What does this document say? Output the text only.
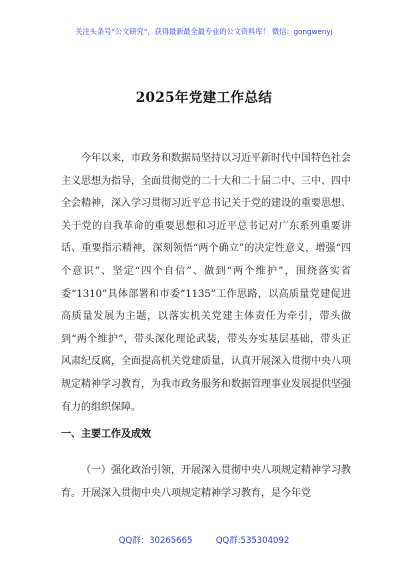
关注头条号“公文研究”，获得最新最全最专业的公文资料库！ 微信：gongwenyj
2025年党建工作总结
今年以来，市政务和数据局坚持以习近平新时代中国特色社会主义思想为指导，全面贯彻党的二十大和二十届二中、三中、四中全会精神，深入学习贯彻习近平总书记关于党的建设的重要思想、关于党的自我革命的重要思想和习近平总书记对广东系列重要讲话、重要指示精神，深刻领悟“两个确立”的决定性意义，增强“四个意识”、坚定“四个自信”、做到“两个维护”，围绕落实省委“1310”具体部署和市委“1135”工作思路，以高质量党建促进高质量发展为主题，以落实机关党建主体责任为牵引，带头做到“两个维护”，带头深化理论武装，带头夯实基层基础，带头正风肃纪反腐，全面提高机关党建质量，认真开展深入贯彻中央八项规定精神学习教育，为我市政务服务和数据管理事业发展提供坚强有力的组织保障。
一、主要工作及成效
（一）强化政治引领，开展深入贯彻中央八项规定精神学习教育。开展深入贯彻中央八项规定精神学习教育，是今年党
QQ群：30265665	QQ群:535304092
